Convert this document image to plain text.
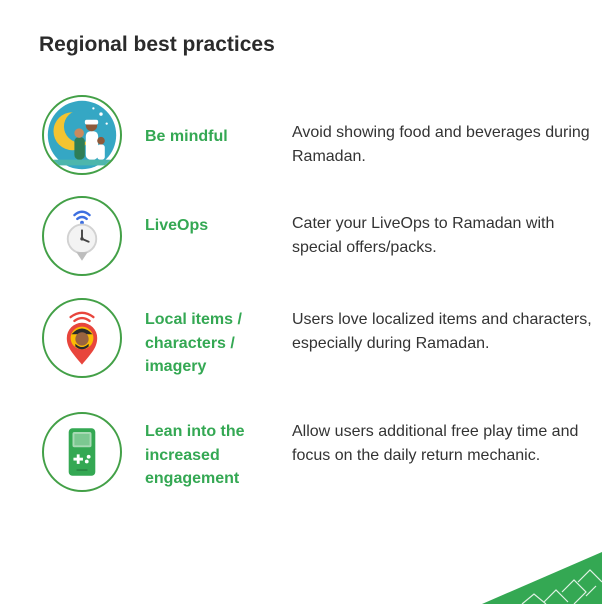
Regional best practices
Be mindful	Avoid showing food and beverages during Ramadan.
LiveOps	Cater your LiveOps to Ramadan with special offers/packs.
Local items / characters / imagery
Users love localized items and characters, especially during Ramadan.
Lean into the increased engagement
Allow users additional free play time and focus on the daily return mechanic.
